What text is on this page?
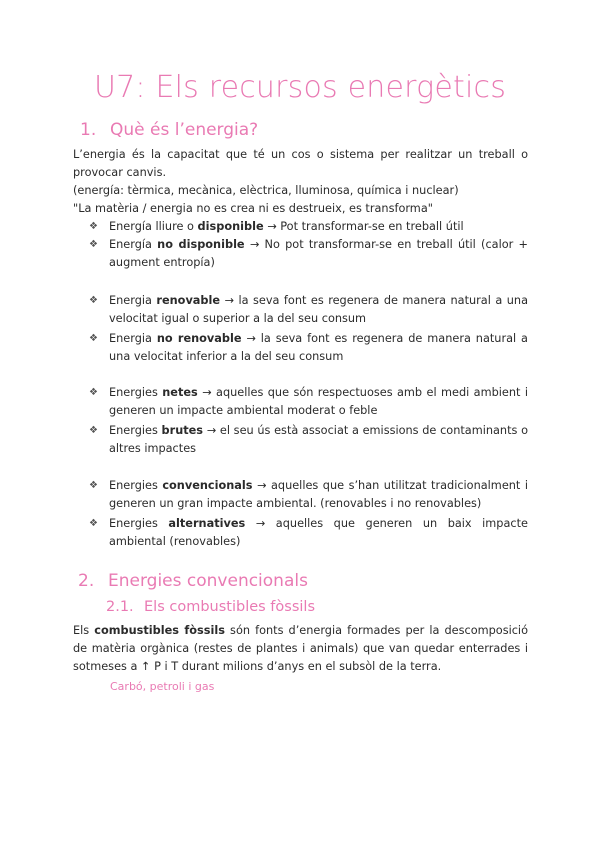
U7: Els recursos energètics
1. Què és l’energia?
L’energia és la capacitat que té un cos o sistema per realitzar un treball o provocar canvis.
(energía: tèrmica, mecànica, elèctrica, lluminosa, química i nuclear)
"La matèria / energia no es crea ni es destrueix, es transforma"
❖ Energía lliure o disponible → Pot transformar-se en treball útil
❖ Energía no disponible → No pot transformar-se en treball útil (calor + augment entropía)
❖ Energia renovable → la seva font es regenera de manera natural a una velocitat igual o superior a la del seu consum
❖ Energia no renovable → la seva font es regenera de manera natural a una velocitat inferior a la del seu consum
❖ Energies netes → aquelles que són respectuoses amb el medi ambient i generen un impacte ambiental moderat o feble
❖ Energies brutes → el seu ús està associat a emissions de contaminants o altres impactes
❖ Energies convencionals → aquelles que s’han utilitzat tradicionalment i generen un gran impacte ambiental. (renovables i no renovables)
❖ Energies alternatives → aquelles que generen un baix impacte ambiental (renovables)
2. Energies convencionals
2.1. Els combustibles fòssils
Els combustibles fòssils són fonts d’energia formades per la descomposició de matèria orgànica (restes de plantes i animals) que van quedar enterrades i sotmeses a ↑ P i T durant milions d’anys en el subsòl de la terra.
Carbó, petroli i gas
